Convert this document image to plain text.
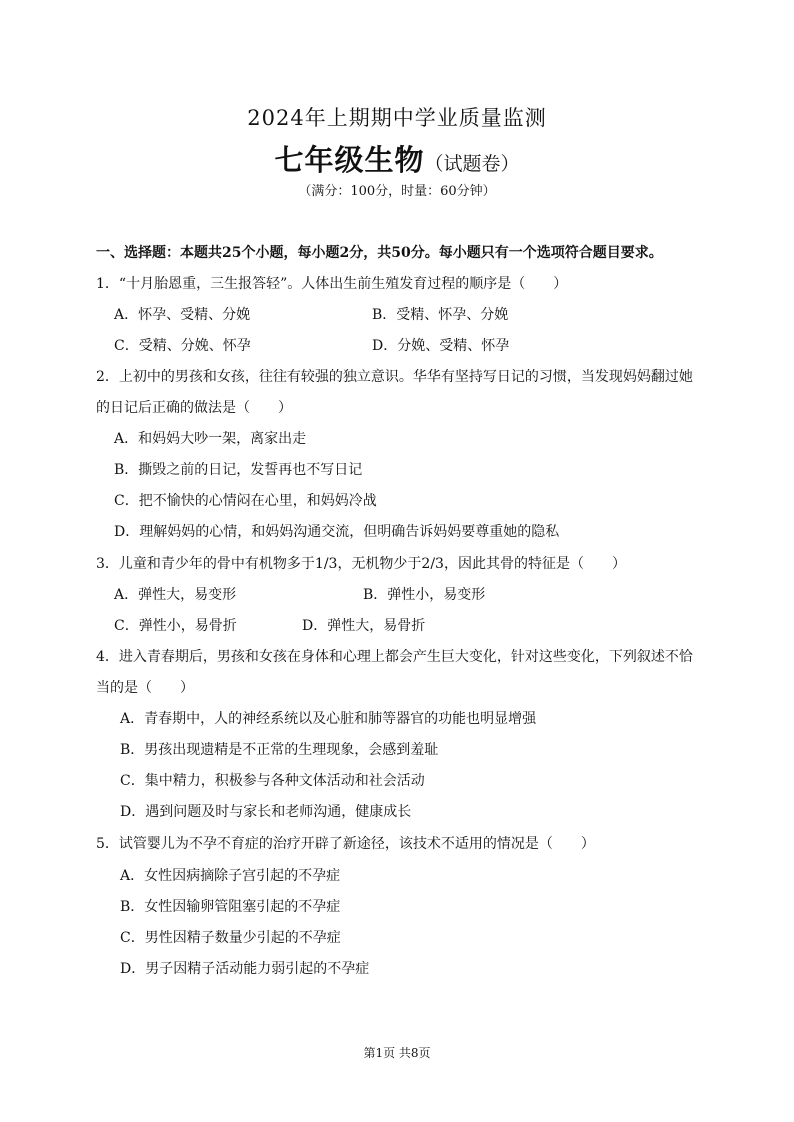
2024年上期期中学业质量监测
七年级生物（试题卷）
（满分：100分，时量：60分钟）
一、选择题：本题共25个小题，每小题2分，共50分。每小题只有一个选项符合题目要求。
1．“十月胎恩重，三生报答轻”。人体出生前生殖发育过程的顺序是（　　）
A．怀孕、受精、分娩	B．受精、怀孕、分娩
C．受精、分娩、怀孕	D．分娩、受精、怀孕
2．上初中的男孩和女孩，往往有较强的独立意识。华华有坚持写日记的习惯，当发现妈妈翻过她
的日记后正确的做法是（　　）
A．和妈妈大吵一架，离家出走
B．撕毁之前的日记，发誓再也不写日记
C．把不愉快的心情闷在心里，和妈妈冷战
D．理解妈妈的心情，和妈妈沟通交流，但明确告诉妈妈要尊重她的隐私
3．儿童和青少年的骨中有机物多于1/3，无机物少于2/3，因此其骨的特征是（　　）
A．弹性大，易变形	B．弹性小，易变形
C．弹性小，易骨折	D．弹性大，易骨折
4．进入青春期后，男孩和女孩在身体和心理上都会产生巨大变化，针对这些变化，下列叙述不恰
当的是（　　）
A．青春期中，人的神经系统以及心脏和肺等器官的功能也明显增强
B．男孩出现遗精是不正常的生理现象，会感到羞耻
C．集中精力，积极参与各种文体活动和社会活动
D．遇到问题及时与家长和老师沟通，健康成长
5．试管婴儿为不孕不育症的治疗开辟了新途径，该技术不适用的情况是（　　）
A．女性因病摘除子宫引起的不孕症
B．女性因输卵管阻塞引起的不孕症
C．男性因精子数量少引起的不孕症
D．男子因精子活动能力弱引起的不孕症
第1页 共8页
